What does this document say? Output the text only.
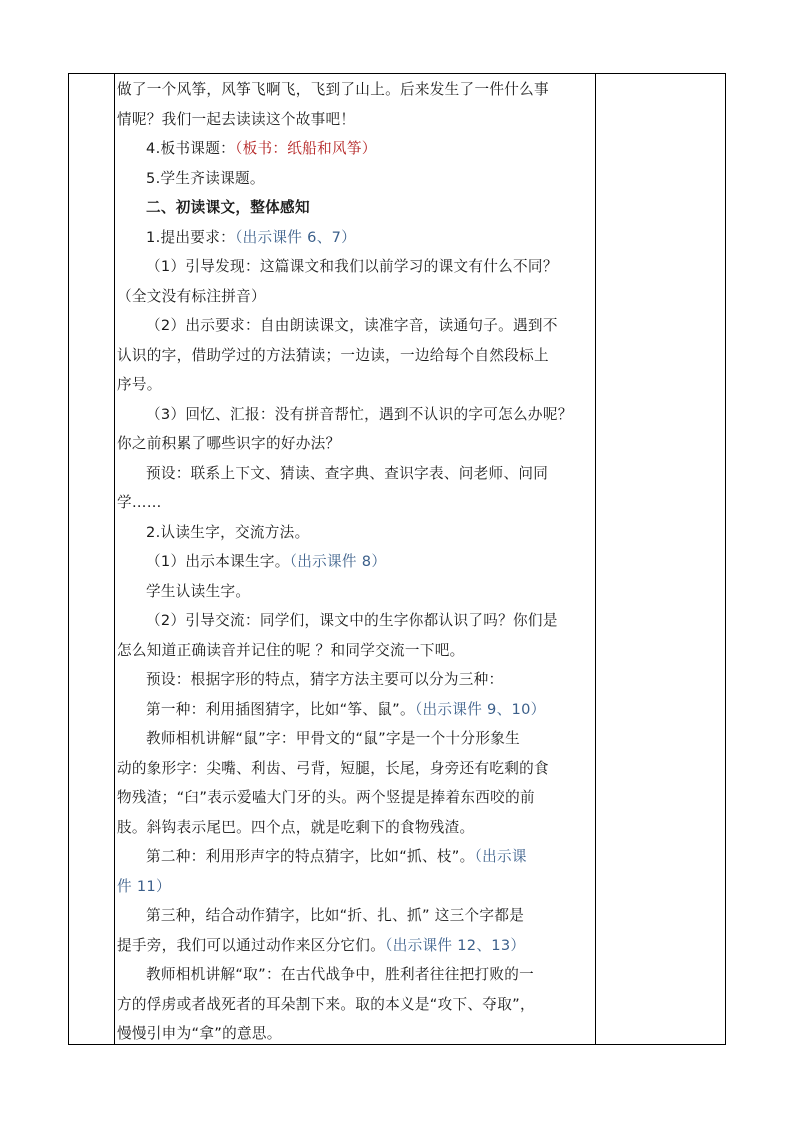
做了一个风筝，风筝飞啊飞，飞到了山上。后来发生了一件什么事
情呢？我们一起去读读这个故事吧！
4.板书课题：（板书：纸船和风筝）
5.学生齐读课题。
二、初读课文，整体感知
1.提出要求：（出示课件 6、7）
（1）引导发现：这篇课文和我们以前学习的课文有什么不同？
（全文没有标注拼音）
（2）出示要求：自由朗读课文，读准字音，读通句子。遇到不
认识的字，借助学过的方法猜读；一边读，一边给每个自然段标上
序号。
（3）回忆、汇报：没有拼音帮忙，遇到不认识的字可怎么办呢？
你之前积累了哪些识字的好办法？
预设：联系上下文、猜读、查字典、查识字表、问老师、问同
学……
2.认读生字，交流方法。
（1）出示本课生字。（出示课件 8）
学生认读生字。
（2）引导交流：同学们，课文中的生字你都认识了吗？你们是
怎么知道正确读音并记住的呢 ？和同学交流一下吧。
预设：根据字形的特点，猜字方法主要可以分为三种：
第一种：利用插图猜字，比如“筝、鼠”。（出示课件 9、10）
教师相机讲解“鼠”字：甲骨文的“鼠”字是一个十分形象生
动的象形字：尖嘴、利齿、弓背，短腿，长尾，身旁还有吃剩的食
物残渣；“臼”表示爱嗑大门牙的头。两个竖提是捧着东西咬的前
肢。斜钩表示尾巴。四个点，就是吃剩下的食物残渣。
第二种：利用形声字的特点猜字，比如“抓、枝”。（出示课
件 11）
第三种，结合动作猜字，比如“折、扎、抓” 这三个字都是
提手旁，我们可以通过动作来区分它们。（出示课件 12、13）
教师相机讲解“取”：在古代战争中，胜利者往往把打败的一
方的俘虏或者战死者的耳朵割下来。取的本义是“攻下、夺取”，
慢慢引申为“拿”的意思。
